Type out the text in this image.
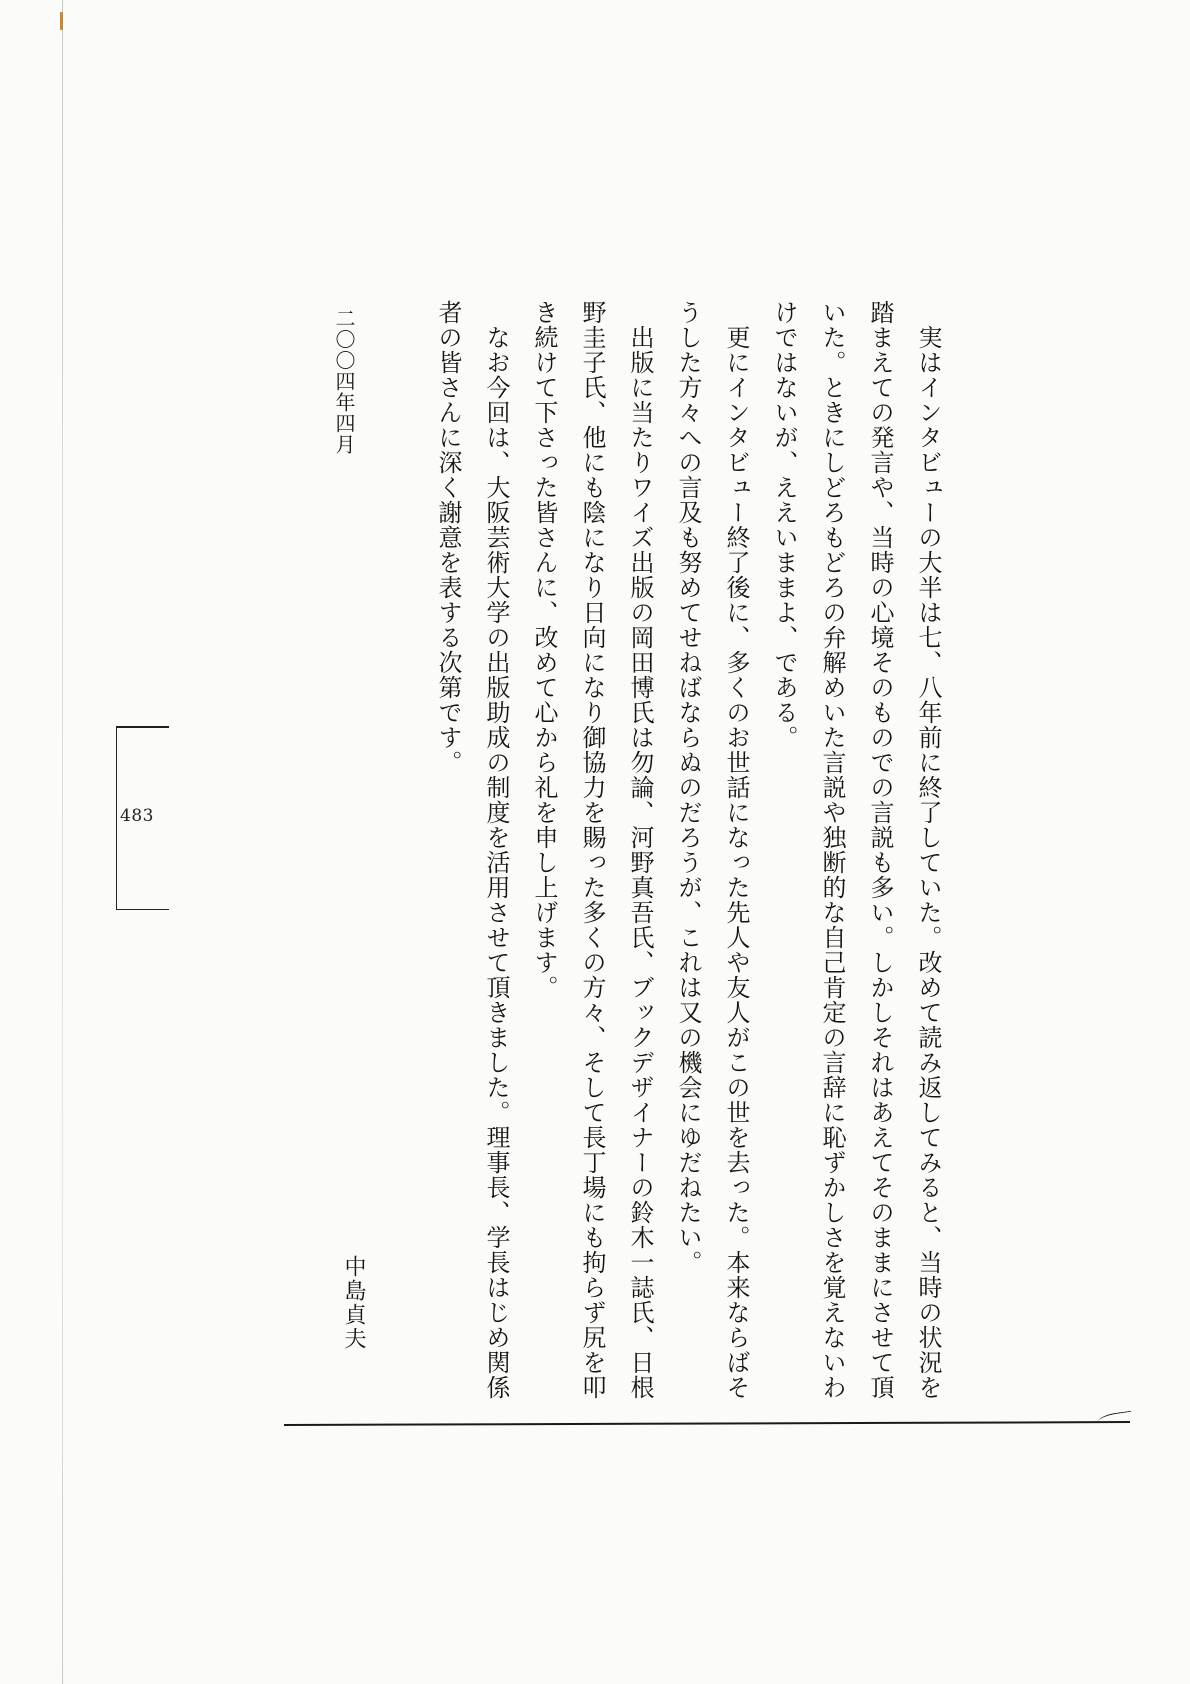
　実はインタビューの大半は七、八年前に終了していた。改めて読み返してみると、当時の状況を踏まえての発言や、当時の心境そのものでの言説も多い。しかしそれはあえてそのままにさせて頂いた。ときにしどろもどろの弁解めいた言説や独断的な自己肯定の言辞に恥ずかしさを覚えないわけではないが、ええいままよ、である。

　更にインタビュー終了後に、多くのお世話になった先人や友人がこの世を去った。本来ならばそうした方々への言及も努めてせねばならぬのだろうが、これは又の機会にゆだねたい。

　出版に当たりワイズ出版の岡田博氏は勿論、河野真吾氏、ブックデザイナーの鈴木一誌氏、日根野圭子氏、他にも陰になり日向になり御協力を賜った多くの方々、そして長丁場にも拘らず尻を叩き続けて下さった皆さんに、改めて心から礼を申し上げます。

　なお今回は、大阪芸術大学の出版助成の制度を活用させて頂きました。理事長、学長はじめ関係者の皆さんに深く謝意を表する次第です。

二〇〇四年四月
中島貞夫
483
